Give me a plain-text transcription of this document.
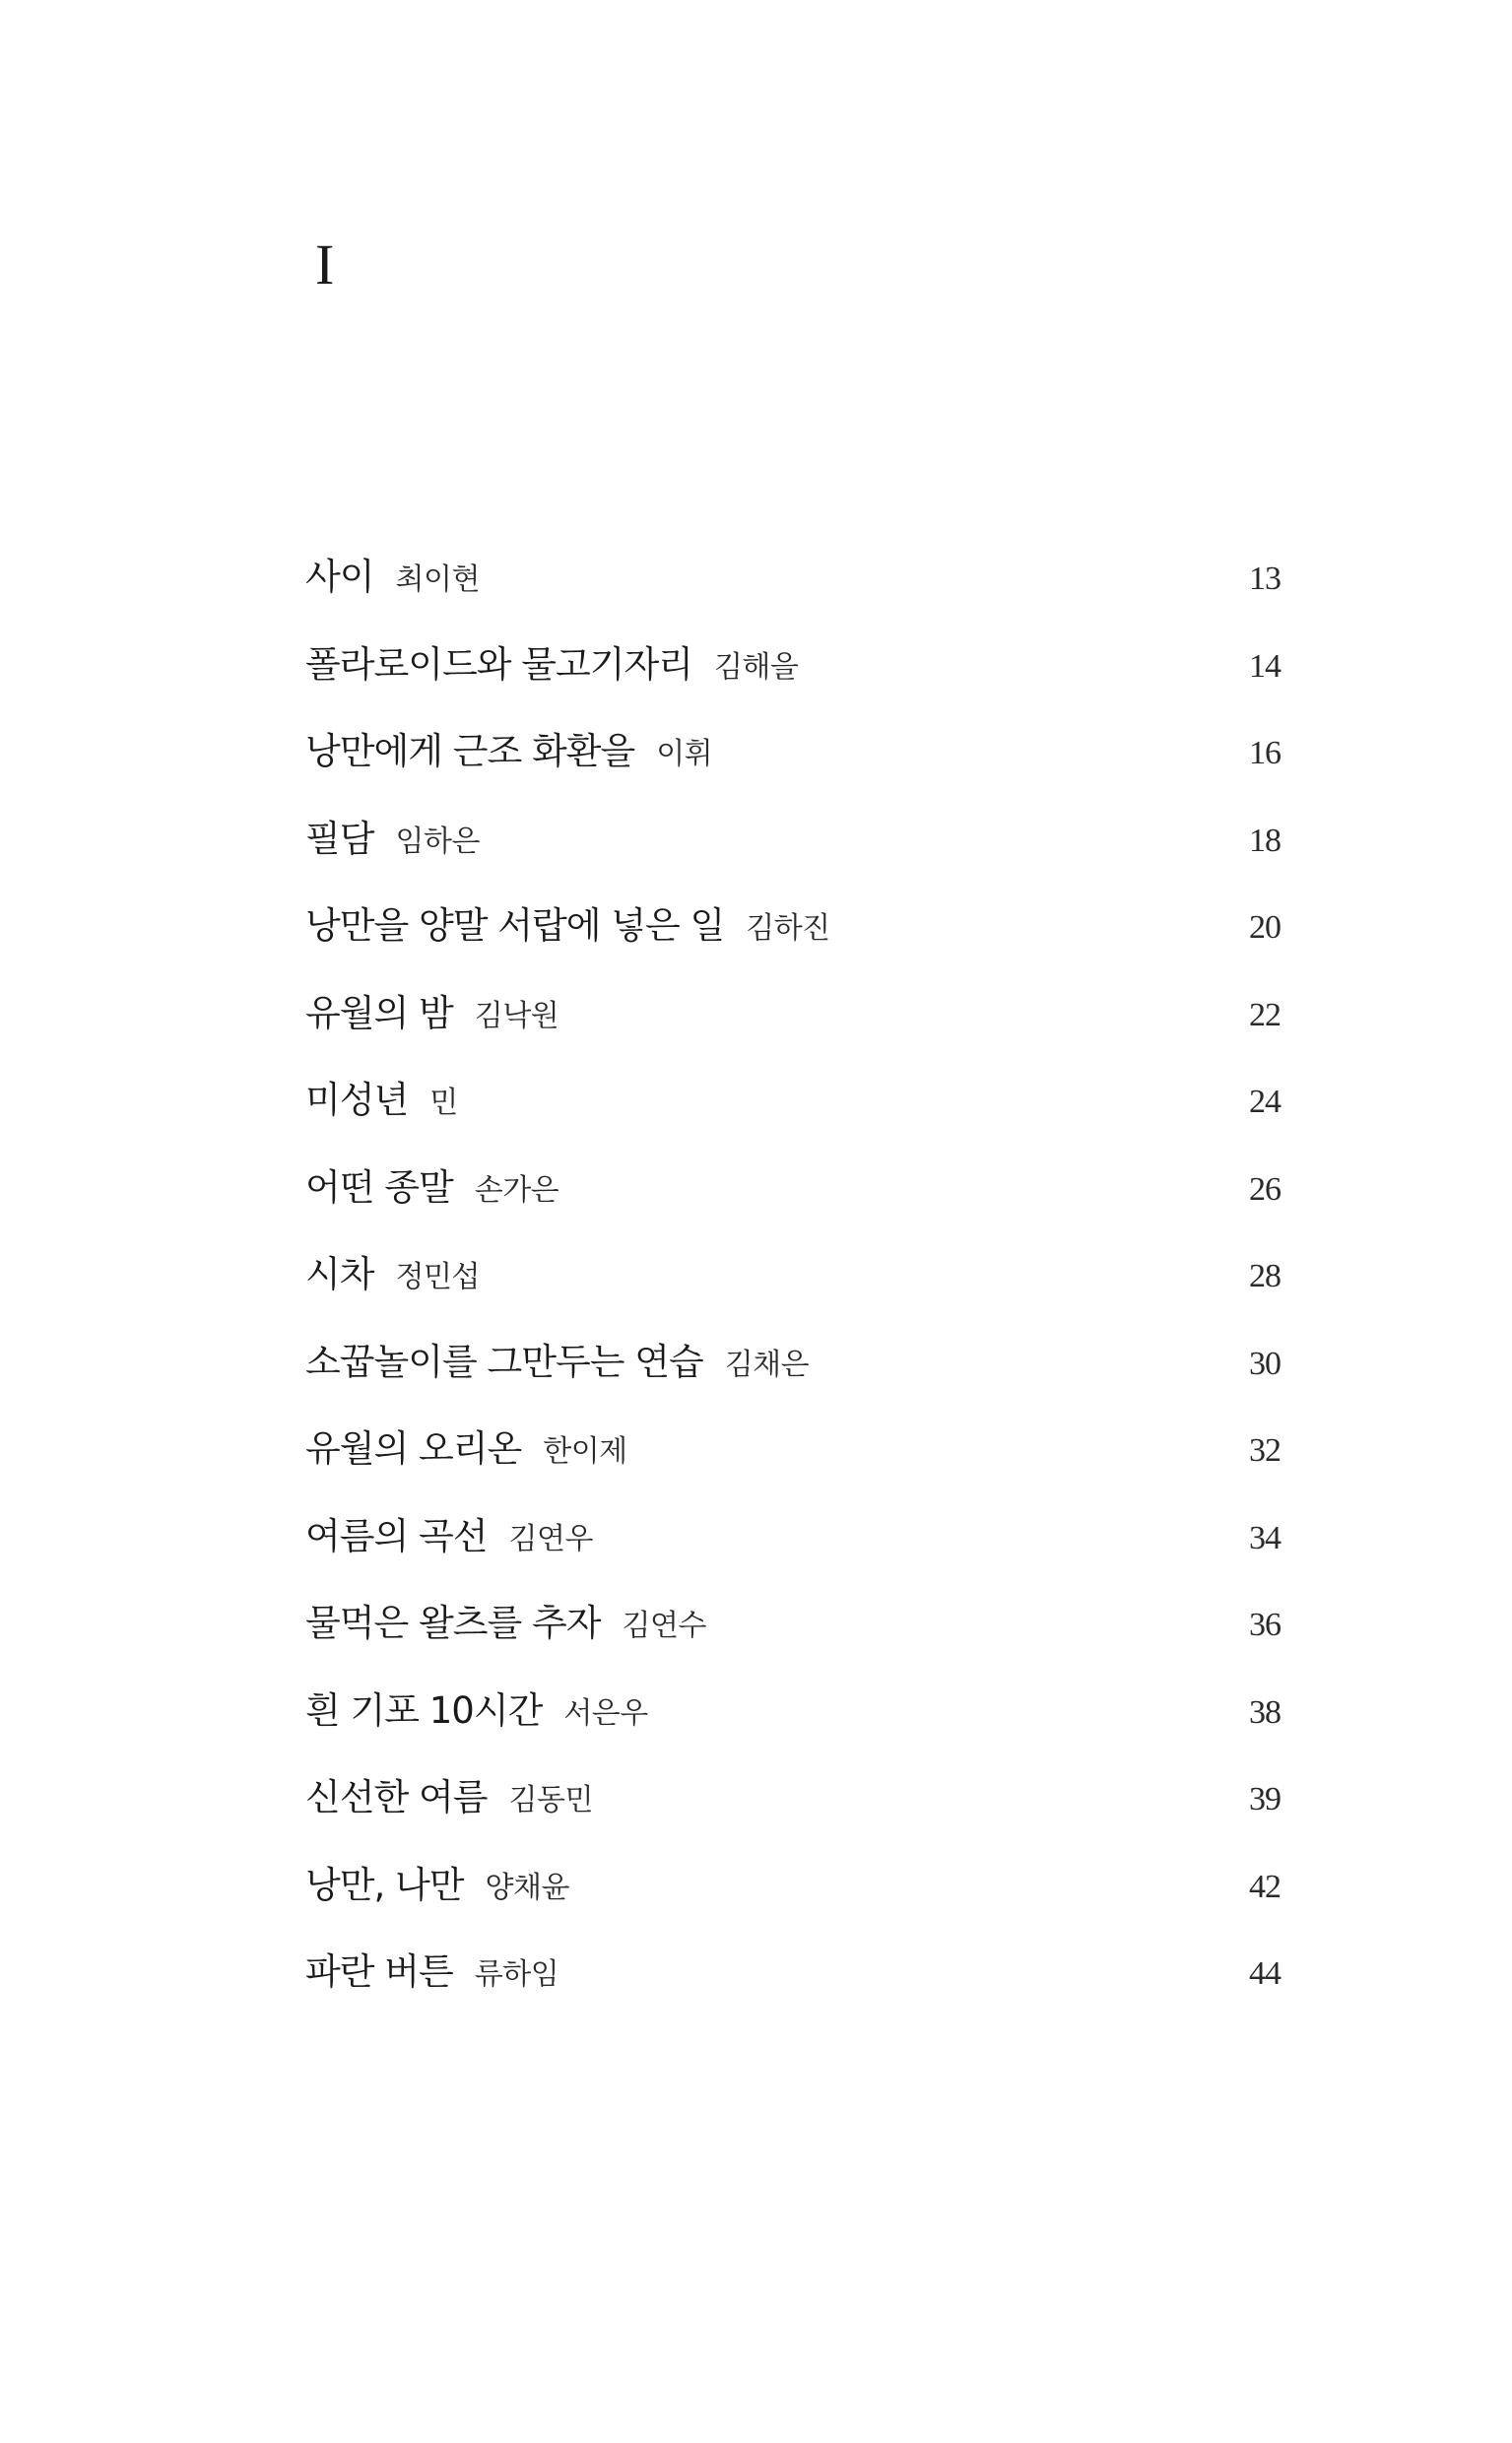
I
사이 최이현	13
폴라로이드와 물고기자리 김해을	14
낭만에게 근조 화환을 이휘	16
필담 임하은	18
낭만을 양말 서랍에 넣은 일 김하진	20
유월의 밤 김낙원	22
미성년 민	24
어떤 종말 손가은	26
시차 정민섭	28
소꿉놀이를 그만두는 연습 김채은	30
유월의 오리온 한이제	32
여름의 곡선 김연우	34
물먹은 왈츠를 추자 김연수	36
흰 기포 10시간 서은우	38
신선한 여름 김동민	39
낭만, 나만 양채윤	42
파란 버튼 류하임	44
